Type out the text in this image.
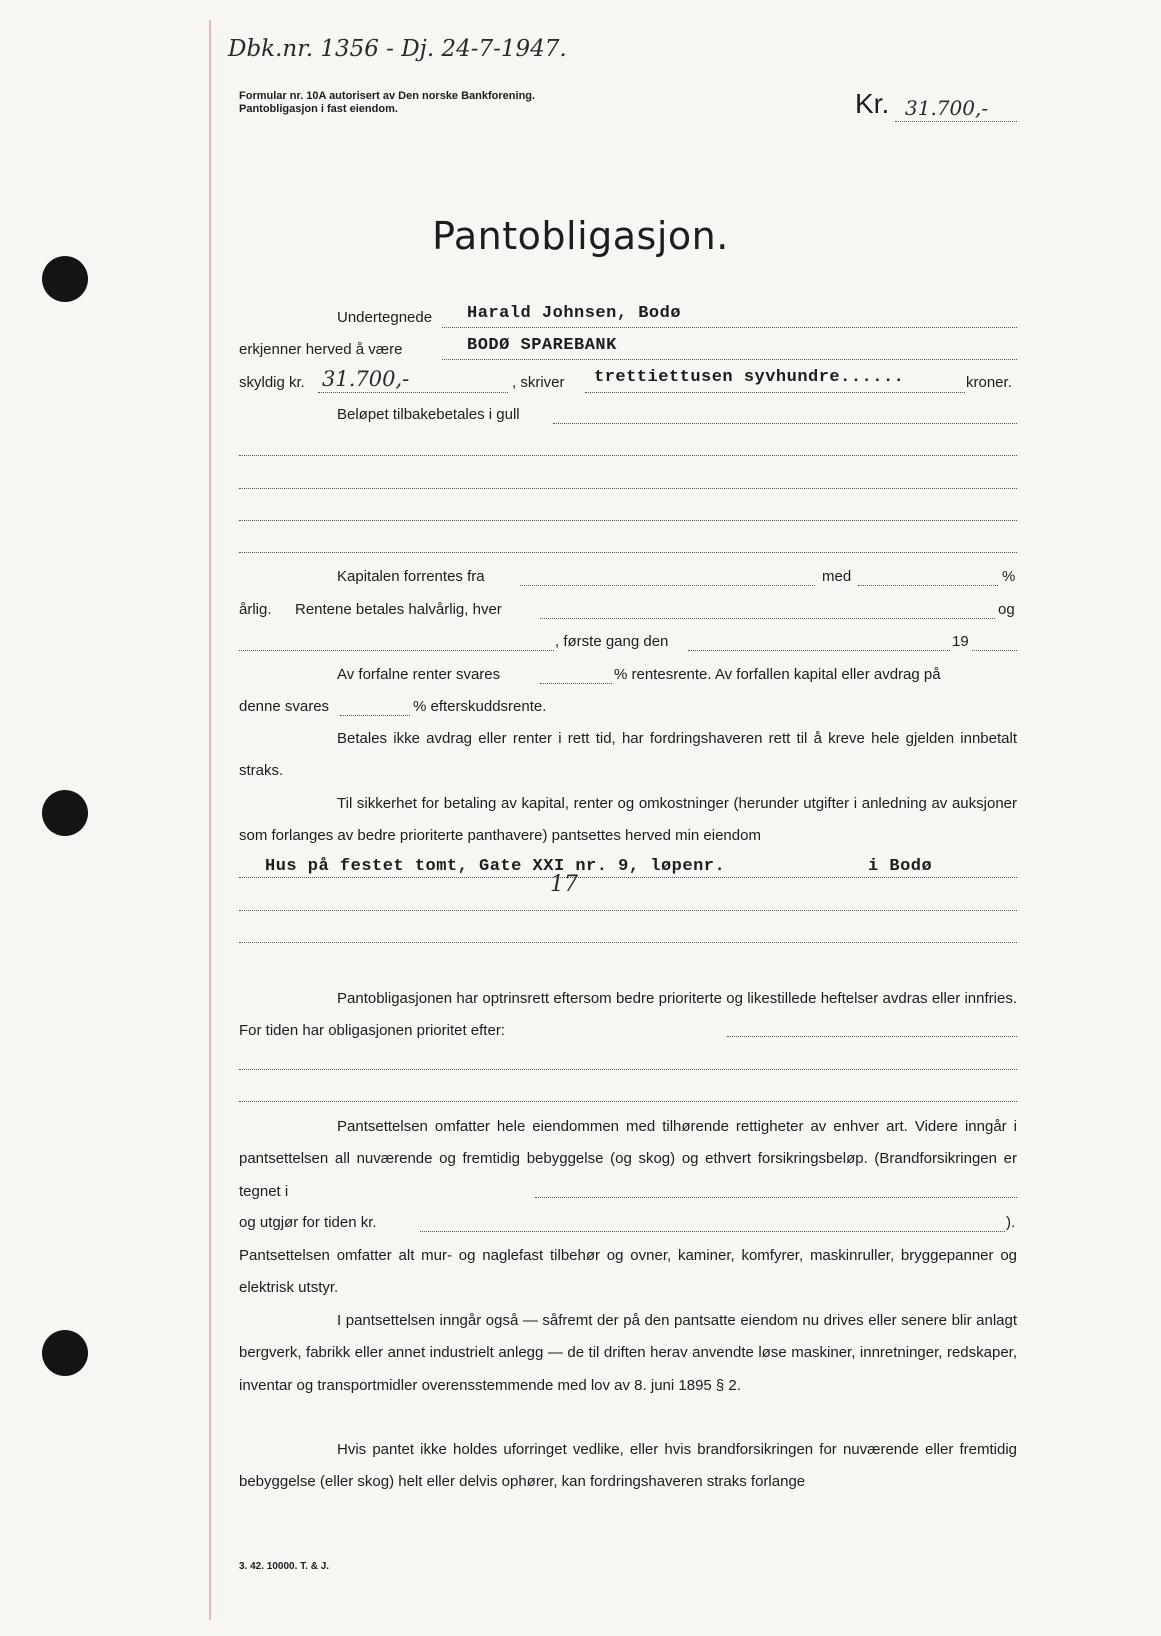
Dbk.nr. 1356 - Dj. 24-7-1947.
Formular nr. 10A autorisert av Den norske Bankforening.
Pantobligasjon i fast eiendom.	Kr. 31.700,-
Pantobligasjon.
Undertegnede Harald Johnsen, Bodø
erkjenner herved å være	BODØ SPAREBANK
skyldig kr. 31.700,-	, skriver trettiettusen syvhundre......	kroner.
Beløpet tilbakebetales i gull
Kapitalen forrentes fra	med	%
årlig. Rentene betales halvårlig, hver	og
, første gang den	19
Av forfalne renter svares	% rentesrente. Av forfallen kapital eller avdrag på
denne svares	% efterskuddsrente.
Betales ikke avdrag eller renter i rett tid, har fordringshaveren rett til å kreve hele gjelden innbetalt straks.
Til sikkerhet for betaling av kapital, renter og omkostninger (herunder utgifter i anledning av auksjoner som forlanges av bedre prioriterte panthavere) pantsettes herved min eiendom
Hus på festet tomt, Gate XXI nr. 9, løpenr.
17
i Bodø
Pantobligasjonen har optrinsrett eftersom bedre prioriterte og likestillede heftelser avdras eller innfries. For tiden har obligasjonen prioritet efter:
Pantsettelsen omfatter hele eiendommen med tilhørende rettigheter av enhver art. Videre inngår i pantsettelsen all nuværende og fremtidig bebyggelse (og skog) og ethvert forsikringsbeløp. (Brandforsikringen er tegnet i
og utgjør for tiden kr.	).
Pantsettelsen omfatter alt mur- og naglefast tilbehør og ovner, kaminer, komfyrer, maskinruller, bryggepanner og elektrisk utstyr.
I pantsettelsen inngår også — såfremt der på den pantsatte eiendom nu drives eller senere blir anlagt bergverk, fabrikk eller annet industrielt anlegg — de til driften herav anvendte løse maskiner, innretninger, redskaper, inventar og transportmidler overensstemmende med lov av 8. juni 1895 § 2.
Hvis pantet ikke holdes uforringet vedlike, eller hvis brandforsikringen for nuværende eller fremtidig bebyggelse (eller skog) helt eller delvis ophører, kan fordringshaveren straks forlange
3. 42. 10000. T. & J.
